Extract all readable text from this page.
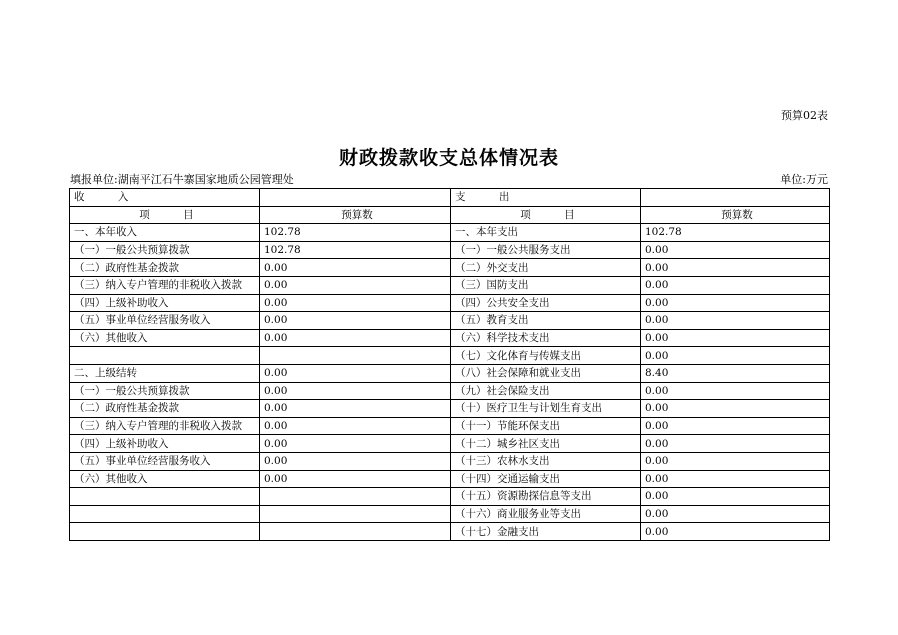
预算02表
财政拨款收支总体情况表
填报单位:湖南平江石牛寨国家地质公园管理处	单位:万元
收          入		支          出	
项          目	预算数	项          目	预算数
一、本年收入	102.78	一、本年支出	102.78
（一）一般公共预算拨款	102.78	（一）一般公共服务支出	0.00
（二）政府性基金拨款	0.00	（二）外交支出	0.00
（三）纳入专户管理的非税收入拨款	0.00	（三）国防支出	0.00
（四）上级补助收入	0.00	（四）公共安全支出	0.00
（五）事业单位经营服务收入	0.00	（五）教育支出	0.00
（六）其他收入	0.00	（六）科学技术支出	0.00
		（七）文化体育与传媒支出	0.00
二、上级结转	0.00	（八）社会保障和就业支出	8.40
（一）一般公共预算拨款	0.00	（九）社会保险支出	0.00
（二）政府性基金拨款	0.00	（十）医疗卫生与计划生育支出	0.00
（三）纳入专户管理的非税收入拨款	0.00	（十一）节能环保支出	0.00
（四）上级补助收入	0.00	（十二）城乡社区支出	0.00
（五）事业单位经营服务收入	0.00	（十三）农林水支出	0.00
（六）其他收入	0.00	（十四）交通运输支出	0.00
		（十五）资源勘探信息等支出	0.00
		（十六）商业服务业等支出	0.00
		（十七）金融支出	0.00
